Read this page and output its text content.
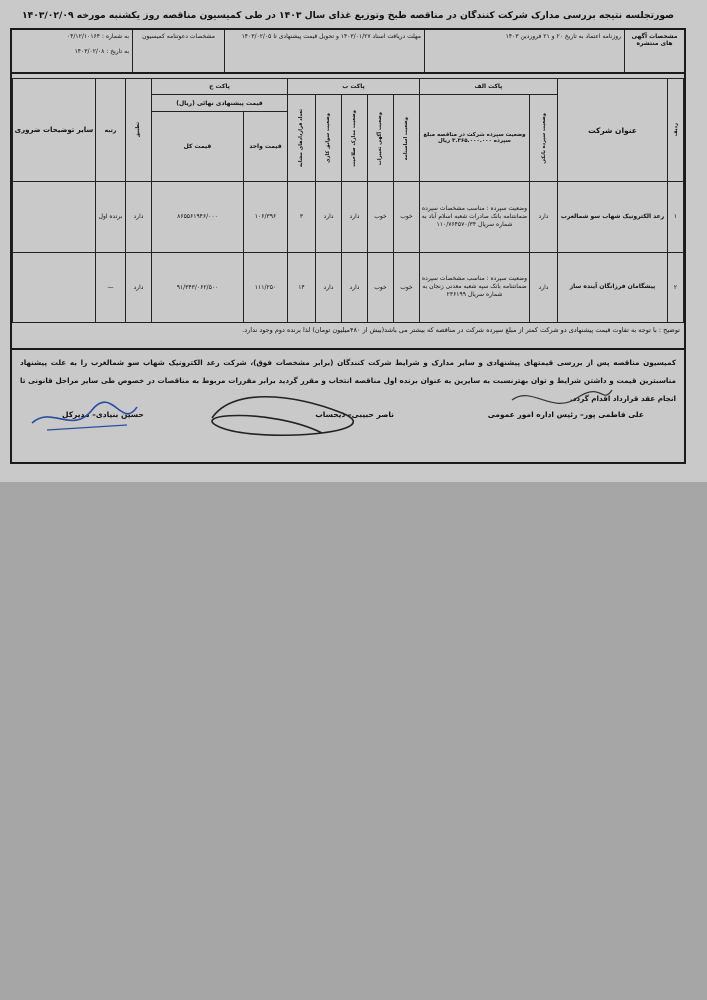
صورتجلسه نتیجه بررسی مدارک شرکت کنندگان در مناقصه طبخ وتوزیع غذای سال ۱۴۰۳ در طی کمیسیون مناقصه روز یکشنبه مورخه ۱۴۰۳/۰۲/۰۹
مشخصات آگهی های منتشره
روزنامه اعتماد به تاریخ ۲۰ و ۲۱ فروردین ۱۴۰۳
مهلت دریافت اسناد ۱۴۰۳/۰۱/۲۷ و تحویل قیمت پیشنهادی تا ۱۴۰۳/۰۲/۰۵
مشخصات دعوتنامه کمیسیون
به شماره : ۰۴/۱۲/۱۰۱۶۴
به تاریخ : ۱۴۰۳/۰۲/۰۸
ردیف	عنوان شرکت	پاکت الف		پاکت ب					پاکت ج		تطبیق	رتبه	سایر توضیحات ضروری

		وضعیت سپرده بانکی	وضعیت سپرده شرکت در مناقصه مبلغ سپرده ۳.۳۶۵.۰۰۰.۰۰۰ ریال	وضعیت اساسنامه	وضعیت آگهی تغییرات	وضعیت مدارک صلاحیت	وضعیت سوابق کاری	تعداد قراردادهای مشابه	قیمت پیشنهادی نهائی (ریال)				
									قیمت واحد	قیمت کل			
۱	رعد الکترونیک شهاب سو شمالغرب	دارد	وضعیت سپرده : مناسب مشخصات سپرده ضمانتنامه بانک صادرات شعبه اسلام آباد به شماره سریال ۱۱۰/۷۶۴۵۷۰/۳۴	خوب	خوب	دارد	دارد	۳	۱۰۶/۳۹۶	۸۶۵۵۶۱۹۴۶/۰۰۰	دارد	برنده اول	
۲	پیشگامان فرزانگان آینده ساز	دارد	وضعیت سپرده : مناسب مشخصات سپرده ضمانتنامه بانک سپه شعبه معدنی زنجان به شماره سریال ۲۳۶۱۹۹	خوب	خوب	دارد	دارد	۱۴	۱۱۱/۲۵۰	۹۱/۳۴۳/۰۶۲/۵۰۰	دارد	—	
توضیح : با توجه به تفاوت قیمت پیشنهادی دو شرکت کمتر از مبلغ سپرده شرکت در مناقصه که بیشتر می باشد(بیش از ۴۸۰میلیون تومان) لذا برنده دوم وجود ندارد.
کمیسیون مناقصه پس از بررسی قیمتهای پیشنهادی و سایر مدارک و شرایط شرکت کنندگان (برابر مشخصات فوق)، شرکت رعد الکترونیک شهاب سو شمالغرب را به علت پیشنهاد مناسبترین قیمت و داشتن شرایط و توان بهترنسبت به سایرین به عنوان برنده اول مناقصه انتخاب و مقرر گردید برابر مقررات مربوط به مناقصات در خصوص طی سایر مراحل قانونی تا انجام عقد قرارداد اقدام گردد.
علی فاطمی پور– رئیس اداره امور عمومی
ناصر حبیبی– ذیحساب
حسین بنیادی– مدیرکل
